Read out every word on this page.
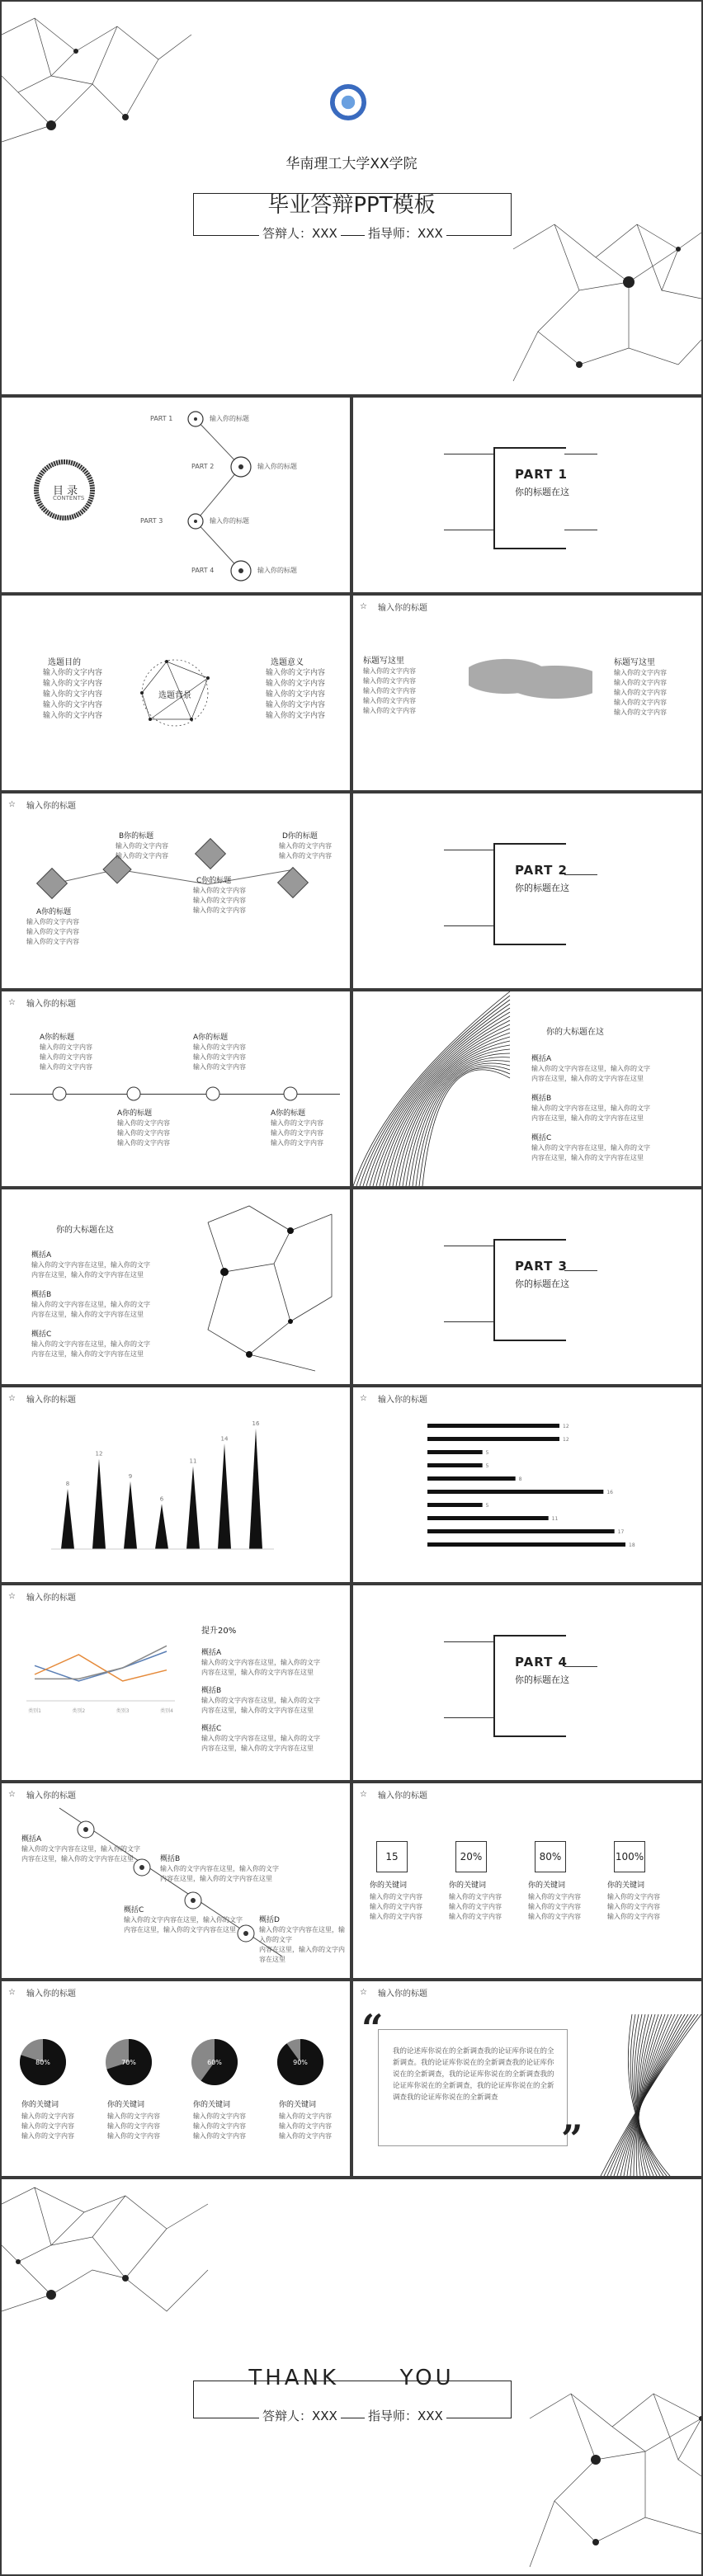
华南理工大学XX学院
毕业答辩PPT模板
答辩人：XXX 指导师：XXX
目 录
CONTENTS
PART 1	输入你的标题
PART 2	输入你的标题
PART 3	输入你的标题
PART 4	输入你的标题
PART 1
你的标题在这
选题背景
选题目的	选题意义
输入你的文字内容
输入你的文字内容
输入你的文字内容
输入你的文字内容
输入你的文字内容
输入你的文字内容
输入你的文字内容
输入你的文字内容
输入你的文字内容
输入你的文字内容
☆ 输入你的标题
标题写这里	标题写这里
输入你的文字内容
输入你的文字内容
输入你的文字内容
输入你的文字内容
输入你的文字内容
输入你的文字内容
输入你的文字内容
输入你的文字内容
输入你的文字内容
输入你的文字内容
☆ 输入你的标题
A你的标题
B你的标题
C你的标题
D你的标题
输入你的文字内容
输入你的文字内容
输入你的文字内容
输入你的文字内容
输入你的文字内容
输入你的文字内容
输入你的文字内容
输入你的文字内容
输入你的文字内容
输入你的文字内容
PART 2
你的标题在这
☆ 输入你的标题
A你的标题
输入你的文字内容
输入你的文字内容
输入你的文字内容
A你的标题
输入你的文字内容
输入你的文字内容
输入你的文字内容
A你的标题
输入你的文字内容
输入你的文字内容
输入你的文字内容
A你的标题
输入你的文字内容
输入你的文字内容
输入你的文字内容
你的大标题在这
概括A
输入你的文字内容在这里，输入你的文字
内容在这里，输入你的文字内容在这里
概括B
输入你的文字内容在这里，输入你的文字
内容在这里，输入你的文字内容在这里
概括C
输入你的文字内容在这里，输入你的文字
内容在这里，输入你的文字内容在这里
你的大标题在这
概括A
输入你的文字内容在这里，输入你的文字
内容在这里，输入你的文字内容在这里
概括B
输入你的文字内容在这里，输入你的文字
内容在这里，输入你的文字内容在这里
概括C
输入你的文字内容在这里，输入你的文字
内容在这里，输入你的文字内容在这里
PART 3
你的标题在这
☆ 输入你的标题
8
12
9
6
11
14
16
☆ 输入你的标题
12
12
5
5
8
16
5
11
17
18
☆ 输入你的标题
类别1	类别2	类别3	类别4
提升20%
概括A
输入你的文字内容在这里，输入你的文字
内容在这里，输入你的文字内容在这里
概括B
输入你的文字内容在这里，输入你的文字
内容在这里，输入你的文字内容在这里
概括C
输入你的文字内容在这里，输入你的文字
内容在这里，输入你的文字内容在这里
PART 4
你的标题在这
☆ 输入你的标题
概括A
输入你的文字内容在这里，输入你的文字
内容在这里，输入你的文字内容在这里	概括B
输入你的文字内容在这里，输入你的文字
内容在这里，输入你的文字内容在这里
概括C
输入你的文字内容在这里，输入你的文字
内容在这里，输入你的文字内容在这里
概括D
输入你的文字内容在这里，输入你的文字
内容在这里，输入你的文字内容在这里
☆ 输入你的标题
15
你的关键词
输入你的文字内容
输入你的文字内容
输入你的文字内容
20%
你的关键词
输入你的文字内容
输入你的文字内容
输入你的文字内容
80%
你的关键词
输入你的文字内容
输入你的文字内容
输入你的文字内容
100%
你的关键词
输入你的文字内容
输入你的文字内容
输入你的文字内容
☆ 输入你的标题
80%	70%	60%	90%
你的关键词
输入你的文字内容
输入你的文字内容
输入你的文字内容
你的关键词
输入你的文字内容
输入你的文字内容
输入你的文字内容
你的关键词
输入你的文字内容
输入你的文字内容
输入你的文字内容
你的关键词
输入你的文字内容
输入你的文字内容
输入你的文字内容
☆ 输入你的标题
“
”
我的论述库你说在的全新调查我的论证库你说在的全新调查。我的论证库你说在的全新调查我的论证库你说在的全新调查，我的论证库你说在的全新调查我的论证库你说在的全新调查，我的论证库你说在的全新调查我的论证库你说在的全新调查
THANK      YOU
答辩人：XXX 指导师：XXX
